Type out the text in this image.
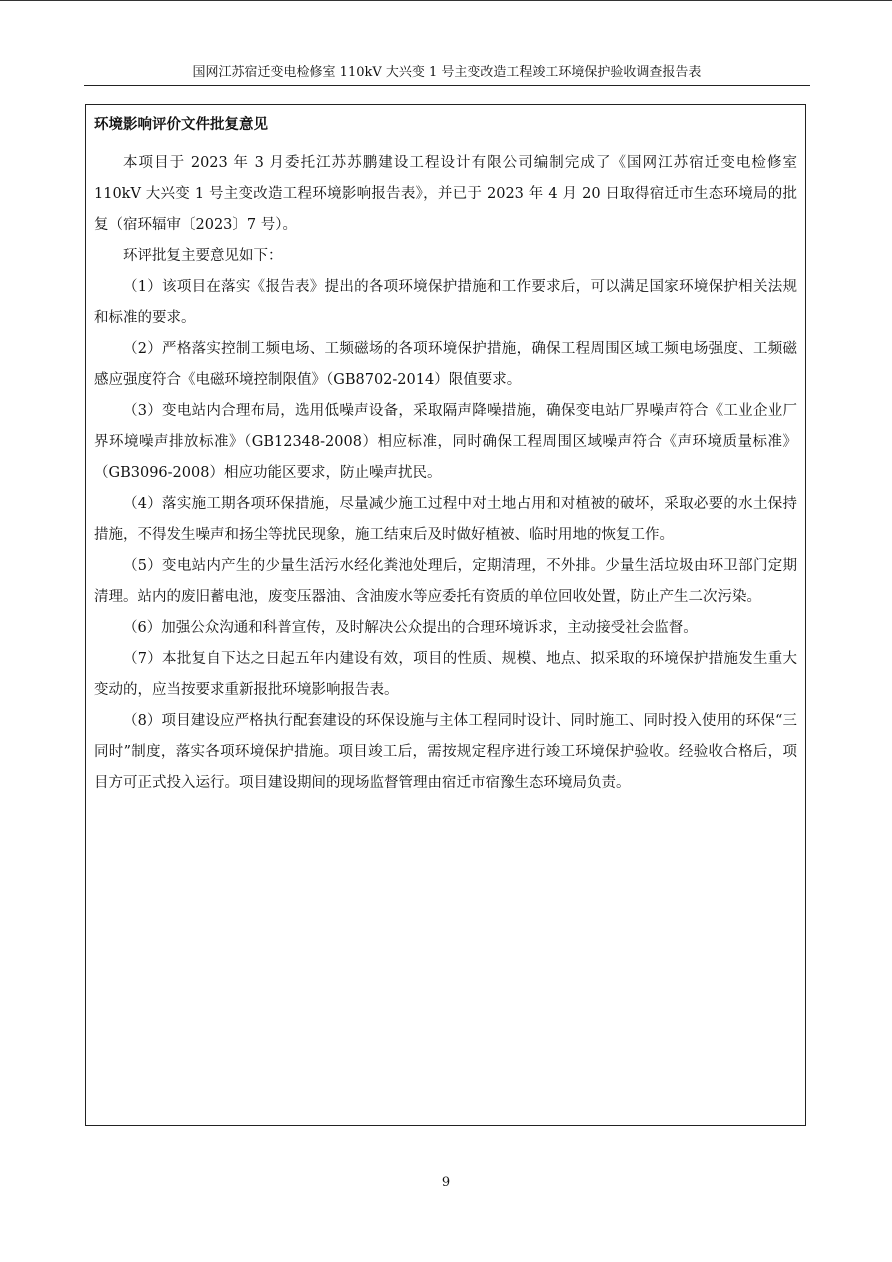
国网江苏宿迁变电检修室 110kV 大兴变 1 号主变改造工程竣工环境保护验收调查报告表
环境影响评价文件批复意见

本项目于 2023 年 3 月委托江苏苏鹏建设工程设计有限公司编制完成了《国网江苏宿迁变电检修室 110kV 大兴变 1 号主变改造工程环境影响报告表》，并已于 2023 年 4 月 20 日取得宿迁市生态环境局的批复（宿环辐审〔2023〕7 号）。

环评批复主要意见如下：

（1）该项目在落实《报告表》提出的各项环境保护措施和工作要求后，可以满足国家环境保护相关法规和标准的要求。

（2）严格落实控制工频电场、工频磁场的各项环境保护措施，确保工程周围区域工频电场强度、工频磁感应强度符合《电磁环境控制限值》（GB8702-2014）限值要求。

（3）变电站内合理布局，选用低噪声设备，采取隔声降噪措施，确保变电站厂界噪声符合《工业企业厂界环境噪声排放标准》（GB12348-2008）相应标准，同时确保工程周围区域噪声符合《声环境质量标准》（GB3096-2008）相应功能区要求，防止噪声扰民。

（4）落实施工期各项环保措施，尽量减少施工过程中对土地占用和对植被的破坏，采取必要的水土保持措施，不得发生噪声和扬尘等扰民现象，施工结束后及时做好植被、临时用地的恢复工作。

（5）变电站内产生的少量生活污水经化粪池处理后，定期清理，不外排。少量生活垃圾由环卫部门定期清理。站内的废旧蓄电池，废变压器油、含油废水等应委托有资质的单位回收处置，防止产生二次污染。

（6）加强公众沟通和科普宣传，及时解决公众提出的合理环境诉求，主动接受社会监督。

（7）本批复自下达之日起五年内建设有效，项目的性质、规模、地点、拟采取的环境保护措施发生重大变动的，应当按要求重新报批环境影响报告表。

（8）项目建设应严格执行配套建设的环保设施与主体工程同时设计、同时施工、同时投入使用的环保“三同时”制度，落实各项环境保护措施。项目竣工后，需按规定程序进行竣工环境保护验收。经验收合格后，项目方可正式投入运行。项目建设期间的现场监督管理由宿迁市宿豫生态环境局负责。

9
